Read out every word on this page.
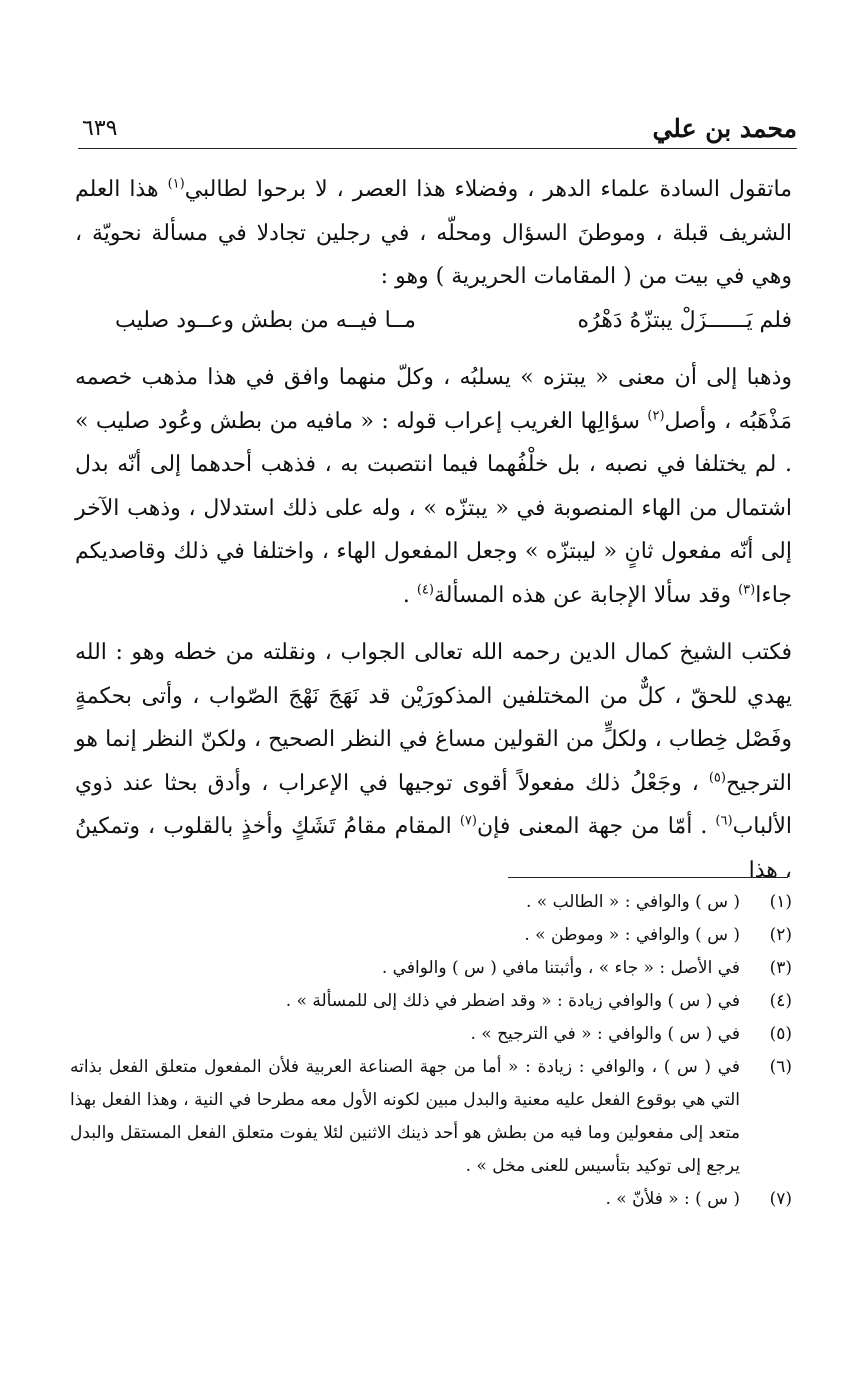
محمد بن علي
٦٣٩

ماتقول السادة علماء الدهر ، وفضلاء هذا العصر ، لا برحوا لطالبي$^{(١)}$ هذا العلم الشريف قبلة ، وموطنَ السؤال ومحلّه ، في رجلين تجادلا في مسألة نحويّة ، وهي في بيت من ( المقامات الحريرية ) وهو :

فلم يَــــــزَلْ يبتزّهُ دَهْرُه
مــا فيــه من بطش وعــود صليب

وذهبا إلى أن معنى « يبتزه » يسلبُه ، وكلّ منهما وافق في هذا مذهب خصمه مَذْهَبُه ، وأصل$^{(٢)}$ سؤالِها الغريب إعراب قوله : « مافيه من بطش وعُود صليب » . لم يختلفا في نصبه ، بل خلْفُهما فيما انتصبت به ، فذهب أحدهما إلى أنّه بدل اشتمال من الهاء المنصوبة في « يبتزّه » ، وله على ذلك استدلال ، وذهب الآخر إلى أنّه مفعول ثانٍ « ليبتزّه » وجعل المفعول الهاء ، واختلفا في ذلك وقاصديكم جاءا$^{(٣)}$ وقد سألا الإجابة عن هذه المسألة$^{(٤)}$ .

فكتب الشيخ كمال الدين رحمه الله تعالى الجواب ، ونقلته من خطه وهو : الله يهدي للحقّ ، كلٌّ من المختلفين المذكورَيْن قد نَهَجَ نَهْجَ الصّواب ، وأتى بحكمةٍ وفَصْل خِطاب ، ولكلٍّ من القولين مساغ في النظر الصحيح ، ولكنّ النظر إنما هو الترجيح$^{(٥)}$ ، وجَعْلُ ذلك مفعولاً أقوى توجيها في الإعراب ، وأدق بحثا عند ذوي الألباب$^{(٦)}$ . أمّا من جهة المعنى فإن$^{(٧)}$ المقام مقامُ تَشَكٍ وأخذٍ بالقلوب ، وتمكينُ ، هذا

(١)
( س ) والوافي : « الطالب » .
(٢)
( س ) والوافي : « وموطن » .
(٣)
في الأصل : « جاء » ، وأثبتنا مافي ( س ) والوافي .
(٤)
في ( س ) والوافي زيادة : « وقد اضطر في ذلك إلى للمسألة » .
(٥)
في ( س ) والوافي : « في الترجيح » .
(٦)
في ( س ) ، والوافي : زيادة : « أما من جهة الصناعة العربية فلأن المفعول متعلق الفعل بذاته التي هي بوقوع الفعل عليه معنية والبدل مبين لكونه الأول معه مطرحا في النية ، وهذا الفعل بهذا متعد إلى مفعولين وما فيه من بطش هو أحد ذينك الاثنين لئلا يفوت متعلق الفعل المستقل والبدل يرجع إلى توكيد بتأسيس للعنى مخل » .
(٧)
( س ) : « فلأنّ » .
